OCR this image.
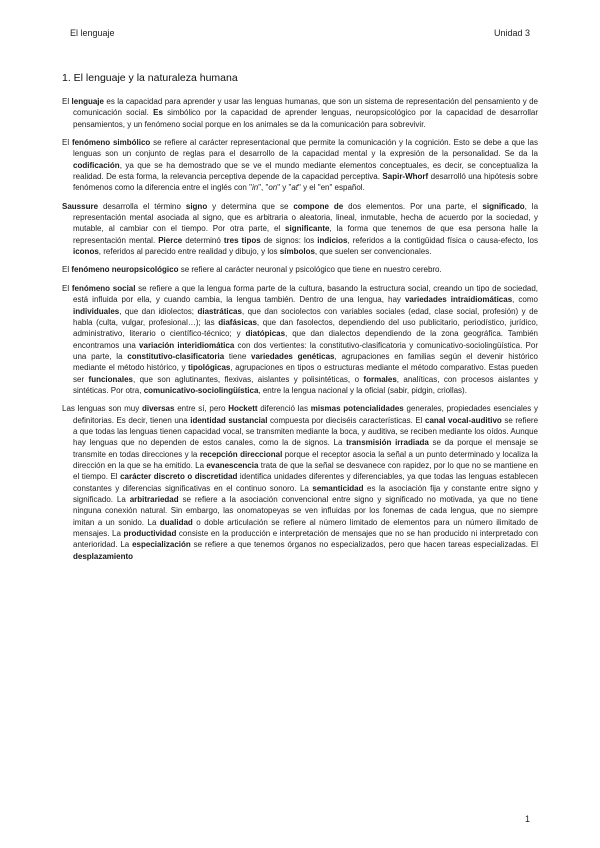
El lenguaje	Unidad 3
1. El lenguaje y la naturaleza humana

El lenguaje es la capacidad para aprender y usar las lenguas humanas, que son un sistema de representación del pensamiento y de comunicación social. Es simbólico por la capacidad de aprender lenguas, neuropsicológico por la capacidad de desarrollar pensamientos, y un fenómeno social porque en los animales se da la comunicación para sobrevivir.

El fenómeno simbólico se refiere al carácter representacional que permite la comunicación y la cognición. Esto se debe a que las lenguas son un conjunto de reglas para el desarrollo de la capacidad mental y la expresión de la personalidad. Se da la codificación, ya que se ha demostrado que se ve el mundo mediante elementos conceptuales, es decir, se conceptualiza la realidad. De esta forma, la relevancia perceptiva depende de la capacidad perceptiva. Sapir-Whorf desarrolló una hipótesis sobre fenómenos como la diferencia entre el inglés con "in", "on" y "at" y el "en" español.

Saussure desarrolla el término signo y determina que se compone de dos elementos. Por una parte, el significado, la representación mental asociada al signo, que es arbitraria o aleatoria, lineal, inmutable, hecha de acuerdo por la sociedad, y mutable, al cambiar con el tiempo. Por otra parte, el significante, la forma que tenemos de que esa persona halle la representación mental. Pierce determinó tres tipos de signos: los indicios, referidos a la contigüidad física o causa-efecto, los iconos, referidos al parecido entre realidad y dibujo, y los símbolos, que suelen ser convencionales.

El fenómeno neuropsicológico se refiere al carácter neuronal y psicológico que tiene en nuestro cerebro.

El fenómeno social se refiere a que la lengua forma parte de la cultura, basando la estructura social, creando un tipo de sociedad, está influida por ella, y cuando cambia, la lengua también. Dentro de una lengua, hay variedades intraidiomáticas, como individuales, que dan idiolectos; diastráticas, que dan sociolectos con variables sociales (edad, clase social, profesión) y de habla (culta, vulgar, profesional…); las diafásicas, que dan fasolectos, dependiendo del uso publicitario, periodístico, jurídico, administrativo, literario o científico-técnico; y diatópicas, que dan dialectos dependiendo de la zona geográfica. También encontramos una variación interidiomática con dos vertientes: la constitutivo-clasificatoria y comunicativo-sociolingüística. Por una parte, la constitutivo-clasificatoria tiene variedades genéticas, agrupaciones en familias según el devenir histórico mediante el método histórico, y tipológicas, agrupaciones en tipos o estructuras mediante el método comparativo. Estas pueden ser funcionales, que son aglutinantes, flexivas, aislantes y polisintéticas, o formales, analíticas, con procesos aislantes y sintéticas. Por otra, comunicativo-sociolingüística, entre la lengua nacional y la oficial (sabir, pidgin, criollas).

Las lenguas son muy diversas entre sí, pero Hockett diferenció las mismas potencialidades generales, propiedades esenciales y definitorias. Es decir, tienen una identidad sustancial compuesta por dieciséis características. El canal vocal-auditivo se refiere a que todas las lenguas tienen capacidad vocal, se transmiten mediante la boca, y auditiva, se reciben mediante los oídos. Aunque hay lenguas que no dependen de estos canales, como la de signos. La transmisión irradiada se da porque el mensaje se transmite en todas direcciones y la recepción direccional porque el receptor asocia la señal a un punto determinado y localiza la dirección en la que se ha emitido. La evanescencia trata de que la señal se desvanece con rapidez, por lo que no se mantiene en el tiempo. El carácter discreto o discretidad identifica unidades diferentes y diferenciables, ya que todas las lenguas establecen constantes y diferencias significativas en el continuo sonoro. La semanticidad es la asociación fija y constante entre signo y significado. La arbitrariedad se refiere a la asociación convencional entre signo y significado no motivada, ya que no tiene ninguna conexión natural. Sin embargo, las onomatopeyas se ven influidas por los fonemas de cada lengua, que no siempre imitan a un sonido. La dualidad o doble articulación se refiere al número limitado de elementos para un número ilimitado de mensajes. La productividad consiste en la producción e interpretación de mensajes que no se han producido ni interpretado con anterioridad. La especialización se refiere a que tenemos órganos no especializados, pero que hacen tareas especializadas. El desplazamiento

1
